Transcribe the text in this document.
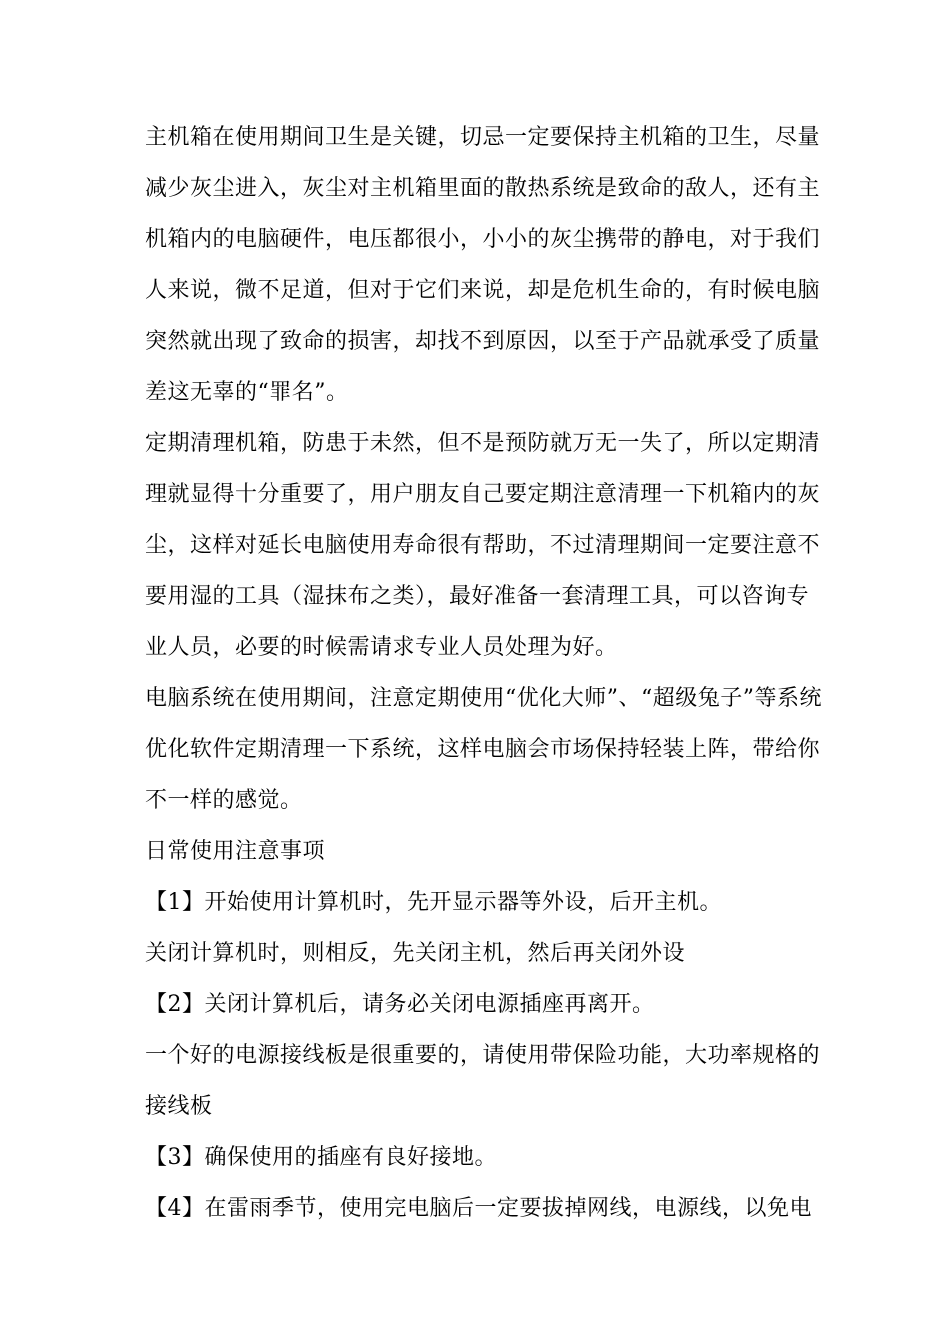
主机箱在使用期间卫生是关键，切忌一定要保持主机箱的卫生，尽量
减少灰尘进入，灰尘对主机箱里面的散热系统是致命的敌人，还有主
机箱内的电脑硬件，电压都很小，小小的灰尘携带的静电，对于我们
人来说，微不足道，但对于它们来说，却是危机生命的，有时候电脑
突然就出现了致命的损害，却找不到原因，以至于产品就承受了质量
差这无辜的“罪名”。

定期清理机箱，防患于未然，但不是预防就万无一失了，所以定期清
理就显得十分重要了，用户朋友自己要定期注意清理一下机箱内的灰
尘，这样对延长电脑使用寿命很有帮助，不过清理期间一定要注意不
要用湿的工具（湿抹布之类），最好准备一套清理工具，可以咨询专
业人员，必要的时候需请求专业人员处理为好。

电脑系统在使用期间，注意定期使用“优化大师”、“超级兔子”等系统
优化软件定期清理一下系统，这样电脑会市场保持轻装上阵，带给你
不一样的感觉。

日常使用注意事项

【1】开始使用计算机时，先开显示器等外设，后开主机。

关闭计算机时，则相反，先关闭主机，然后再关闭外设

【2】关闭计算机后，请务必关闭电源插座再离开。

一个好的电源接线板是很重要的，请使用带保险功能，大功率规格的
接线板

【3】确保使用的插座有良好接地。

【4】在雷雨季节，使用完电脑后一定要拔掉网线，电源线，以免电
